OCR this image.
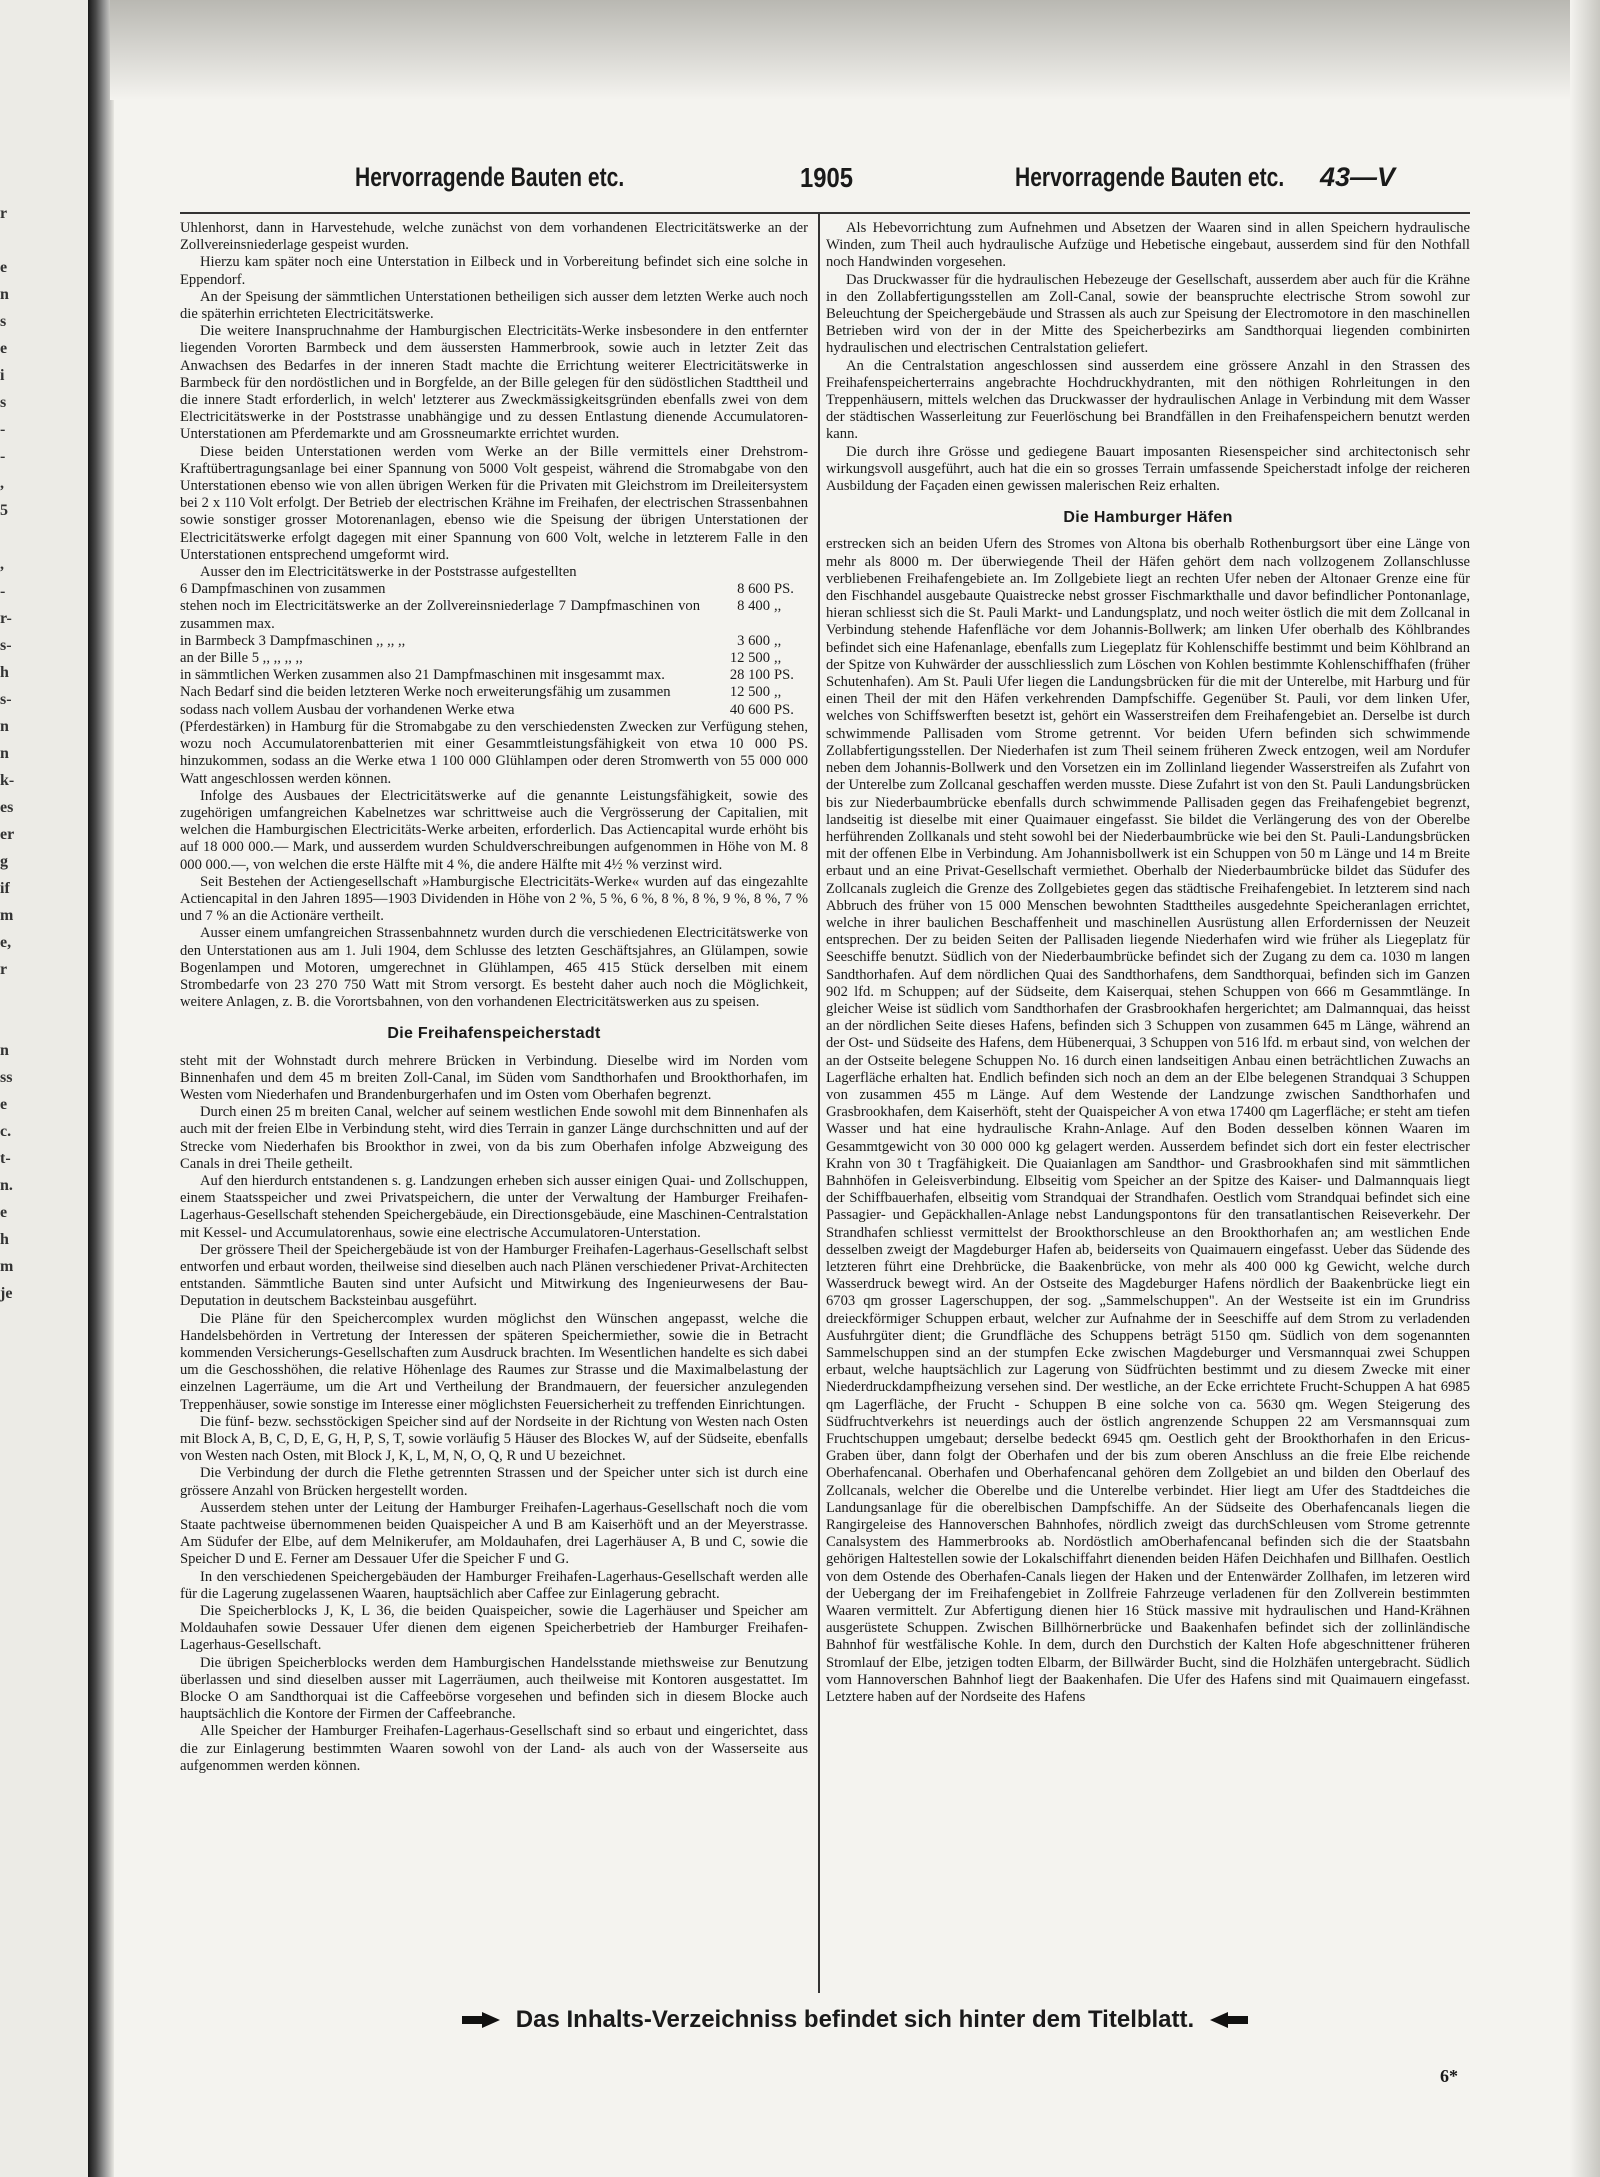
r

e
n
s
e
i
s
-
-
,
5

,
-
r-
s-
h
s-
n
n
k-
es
er
g
if
m
e,
r

n
ss
e
c.
t-
n.
e
h
m
je
Hervorragende Bauten etc.	1905	Hervorragende Bauten etc. 43—V

Uhlenhorst, dann in Harvestehude, welche zunächst von dem vorhandenen Electricitätswerke an der Zollvereinsniederlage gespeist wurden.

Hierzu kam später noch eine Unterstation in Eilbeck und in Vorbereitung befindet sich eine solche in Eppendorf.

An der Speisung der sämmtlichen Unterstationen betheiligen sich ausser dem letzten Werke auch noch die späterhin errichteten Electricitätswerke.

Die weitere Inanspruchnahme der Hamburgischen Electricitäts-Werke insbesondere in den entfernter liegenden Vororten Barmbeck und dem äussersten Hammerbrook, sowie auch in letzter Zeit das Anwachsen des Bedarfes in der inneren Stadt machte die Errichtung weiterer Electricitätswerke in Barmbeck für den nordöstlichen und in Borgfelde, an der Bille gelegen für den südöstlichen Stadttheil und die innere Stadt erforderlich, in welch' letzterer aus Zweckmässigkeitsgründen ebenfalls zwei von dem Electricitätswerke in der Poststrasse unabhängige und zu dessen Entlastung dienende Accumulatoren-Unterstationen am Pferdemarkte und am Grossneumarkte errichtet wurden.

Diese beiden Unterstationen werden vom Werke an der Bille vermittels einer Drehstrom-Kraftübertragungsanlage bei einer Spannung von 5000 Volt gespeist, während die Stromabgabe von den Unterstationen ebenso wie von allen übrigen Werken für die Privaten mit Gleichstrom im Dreileitersystem bei 2 x 110 Volt erfolgt. Der Betrieb der electrischen Krähne im Freihafen, der electrischen Strassenbahnen sowie sonstiger grosser Motorenanlagen, ebenso wie die Speisung der übrigen Unterstationen der Electricitätswerke erfolgt dagegen mit einer Spannung von 600 Volt, welche in letzterem Falle in den Unterstationen entsprechend umgeformt wird.

Ausser den im Electricitätswerke in der Poststrasse aufgestellten

6 Dampfmaschinen von zusammen	8 600	PS.
stehen noch im Electricitätswerke an der Zollvereinsniederlage 7 Dampfmaschinen von zusammen max.	8 400	,,
in Barmbeck 3 Dampfmaschinen ,, ,, ,,	3 600	,,
an der Bille 5 ,, ,, ,, ,,	12 500	,,
in sämmtlichen Werken zusammen also 21 Dampfmaschinen mit insgesammt max.	28 100	PS.
Nach Bedarf sind die beiden letzteren Werke noch erweiterungsfähig um zusammen	12 500	,,
sodass nach vollem Ausbau der vorhandenen Werke etwa	40 600	PS.

(Pferdestärken) in Hamburg für die Stromabgabe zu den verschiedensten Zwecken zur Verfügung stehen, wozu noch Accumulatorenbatterien mit einer Gesammtleistungsfähigkeit von etwa 10 000 PS. hinzukommen, sodass an die Werke etwa 1 100 000 Glühlampen oder deren Stromwerth von 55 000 000 Watt angeschlossen werden können.

Infolge des Ausbaues der Electricitätswerke auf die genannte Leistungsfähigkeit, sowie des zugehörigen umfangreichen Kabelnetzes war schrittweise auch die Vergrösserung der Capitalien, mit welchen die Hamburgischen Electricitäts-Werke arbeiten, erforderlich. Das Actiencapital wurde erhöht bis auf 18 000 000.— Mark, und ausserdem wurden Schuldverschreibungen aufgenommen in Höhe von M. 8 000 000.—, von welchen die erste Hälfte mit 4 %, die andere Hälfte mit 4½ % verzinst wird.

Seit Bestehen der Actiengesellschaft »Hamburgische Electricitäts-Werke« wurden auf das eingezahlte Actiencapital in den Jahren 1895—1903 Dividenden in Höhe von 2 %, 5 %, 6 %, 8 %, 8 %, 9 %, 8 %, 7 % und 7 % an die Actionäre vertheilt.

Ausser einem umfangreichen Strassenbahnnetz wurden durch die verschiedenen Electricitätswerke von den Unterstationen aus am 1. Juli 1904, dem Schlusse des letzten Geschäftsjahres, an Glülampen, sowie Bogenlampen und Motoren, umgerechnet in Glühlampen, 465 415 Stück derselben mit einem Strombedarfe von 23 270 750 Watt mit Strom versorgt. Es besteht daher auch noch die Möglichkeit, weitere Anlagen, z. B. die Vorortsbahnen, von den vorhandenen Electricitätswerken aus zu speisen.

Die Freihafenspeicherstadt

steht mit der Wohnstadt durch mehrere Brücken in Verbindung. Dieselbe wird im Norden vom Binnenhafen und dem 45 m breiten Zoll-Canal, im Süden vom Sandthorhafen und Brookthorhafen, im Westen vom Niederhafen und Brandenburgerhafen und im Osten vom Oberhafen begrenzt.

Durch einen 25 m breiten Canal, welcher auf seinem westlichen Ende sowohl mit dem Binnenhafen als auch mit der freien Elbe in Verbindung steht, wird dies Terrain in ganzer Länge durchschnitten und auf der Strecke vom Niederhafen bis Brookthor in zwei, von da bis zum Oberhafen infolge Abzweigung des Canals in drei Theile getheilt.

Auf den hierdurch entstandenen s. g. Landzungen erheben sich ausser einigen Quai- und Zollschuppen, einem Staatsspeicher und zwei Privatspeichern, die unter der Verwaltung der Hamburger Freihafen-Lagerhaus-Gesellschaft stehenden Speichergebäude, ein Directionsgebäude, eine Maschinen-Centralstation mit Kessel- und Accumulatorenhaus, sowie eine electrische Accumulatoren-Unterstation.

Der grössere Theil der Speichergebäude ist von der Hamburger Freihafen-Lagerhaus-Gesellschaft selbst entworfen und erbaut worden, theilweise sind dieselben auch nach Plänen verschiedener Privat-Architecten entstanden. Sämmtliche Bauten sind unter Aufsicht und Mitwirkung des Ingenieurwesens der Bau-Deputation in deutschem Backsteinbau ausgeführt.

Die Pläne für den Speichercomplex wurden möglichst den Wünschen angepasst, welche die Handelsbehörden in Vertretung der Interessen der späteren Speichermiether, sowie die in Betracht kommenden Versicherungs-Gesellschaften zum Ausdruck brachten. Im Wesentlichen handelte es sich dabei um die Geschosshöhen, die relative Höhenlage des Raumes zur Strasse und die Maximalbelastung der einzelnen Lagerräume, um die Art und Vertheilung der Brandmauern, der feuersicher anzulegenden Treppenhäuser, sowie sonstige im Interesse einer möglichsten Feuersicherheit zu treffenden Einrichtungen.

Die fünf- bezw. sechsstöckigen Speicher sind auf der Nordseite in der Richtung von Westen nach Osten mit Block A, B, C, D, E, G, H, P, S, T, sowie vorläufig 5 Häuser des Blockes W, auf der Südseite, ebenfalls von Westen nach Osten, mit Block J, K, L, M, N, O, Q, R und U bezeichnet.

Die Verbindung der durch die Flethe getrennten Strassen und der Speicher unter sich ist durch eine grössere Anzahl von Brücken hergestellt worden.

Ausserdem stehen unter der Leitung der Hamburger Freihafen-Lagerhaus-Gesellschaft noch die vom Staate pachtweise übernommenen beiden Quaispeicher A und B am Kaiserhöft und an der Meyerstrasse. Am Südufer der Elbe, auf dem Melnikerufer, am Moldauhafen, drei Lagerhäuser A, B und C, sowie die Speicher D und E. Ferner am Dessauer Ufer die Speicher F und G.

In den verschiedenen Speichergebäuden der Hamburger Freihafen-Lagerhaus-Gesellschaft werden alle für die Lagerung zugelassenen Waaren, hauptsächlich aber Caffee zur Einlagerung gebracht.

Die Speicherblocks J, K, L 36, die beiden Quaispeicher, sowie die Lagerhäuser und Speicher am Moldauhafen sowie Dessauer Ufer dienen dem eigenen Speicherbetrieb der Hamburger Freihafen-Lagerhaus-Gesellschaft.

Die übrigen Speicherblocks werden dem Hamburgischen Handelsstande miethsweise zur Benutzung überlassen und sind dieselben ausser mit Lagerräumen, auch theilweise mit Kontoren ausgestattet. Im Blocke O am Sandthorquai ist die Caffeebörse vorgesehen und befinden sich in diesem Blocke auch hauptsächlich die Kontore der Firmen der Caffeebranche.

Alle Speicher der Hamburger Freihafen-Lagerhaus-Gesellschaft sind so erbaut und eingerichtet, dass die zur Einlagerung bestimmten Waaren sowohl von der Land- als auch von der Wasserseite aus aufgenommen werden können.

Als Hebevorrichtung zum Aufnehmen und Absetzen der Waaren sind in allen Speichern hydraulische Winden, zum Theil auch hydraulische Aufzüge und Hebetische eingebaut, ausserdem sind für den Nothfall noch Handwinden vorgesehen.

Das Druckwasser für die hydraulischen Hebezeuge der Gesellschaft, ausserdem aber auch für die Krähne in den Zollabfertigungsstellen am Zoll-Canal, sowie der beanspruchte electrische Strom sowohl zur Beleuchtung der Speichergebäude und Strassen als auch zur Speisung der Electromotore in den maschinellen Betrieben wird von der in der Mitte des Speicherbezirks am Sandthorquai liegenden combinirten hydraulischen und electrischen Centralstation geliefert.

An die Centralstation angeschlossen sind ausserdem eine grössere Anzahl in den Strassen des Freihafenspeicherterrains angebrachte Hochdruckhydranten, mit den nöthigen Rohrleitungen in den Treppenhäusern, mittels welchen das Druckwasser der hydraulischen Anlage in Verbindung mit dem Wasser der städtischen Wasserleitung zur Feuerlöschung bei Brandfällen in den Freihafenspeichern benutzt werden kann.

Die durch ihre Grösse und gediegene Bauart imposanten Riesenspeicher sind architectonisch sehr wirkungsvoll ausgeführt, auch hat die ein so grosses Terrain umfassende Speicherstadt infolge der reicheren Ausbildung der Façaden einen gewissen malerischen Reiz erhalten.

Die Hamburger Häfen

erstrecken sich an beiden Ufern des Stromes von Altona bis oberhalb Rothenburgsort über eine Länge von mehr als 8000 m. Der überwiegende Theil der Häfen gehört dem nach vollzogenem Zollanschlusse verbliebenen Freihafengebiete an. Im Zollgebiete liegt an rechten Ufer neben der Altonaer Grenze eine für den Fischhandel ausgebaute Quaistrecke nebst grosser Fischmarkthalle und davor befindlicher Pontonanlage, hieran schliesst sich die St. Pauli Markt- und Landungsplatz, und noch weiter östlich die mit dem Zollcanal in Verbindung stehende Hafenfläche vor dem Johannis-Bollwerk; am linken Ufer oberhalb des Köhlbrandes befindet sich eine Hafenanlage, ebenfalls zum Liegeplatz für Kohlenschiffe bestimmt und beim Köhlbrand an der Spitze von Kuhwärder der ausschliesslich zum Löschen von Kohlen bestimmte Kohlenschiffhafen (früher Schutenhafen). Am St. Pauli Ufer liegen die Landungsbrücken für die mit der Unterelbe, mit Harburg und für einen Theil der mit den Häfen verkehrenden Dampfschiffe. Gegenüber St. Pauli, vor dem linken Ufer, welches von Schiffswerften besetzt ist, gehört ein Wasserstreifen dem Freihafengebiet an. Derselbe ist durch schwimmende Pallisaden vom Strome getrennt. Vor beiden Ufern befinden sich schwimmende Zollabfertigungsstellen. Der Niederhafen ist zum Theil seinem früheren Zweck entzogen, weil am Nordufer neben dem Johannis-Bollwerk und den Vorsetzen ein im Zollinland liegender Wasserstreifen als Zufahrt von der Unterelbe zum Zollcanal geschaffen werden musste. Diese Zufahrt ist von den St. Pauli Landungsbrücken bis zur Niederbaumbrücke ebenfalls durch schwimmende Pallisaden gegen das Freihafengebiet begrenzt, landseitig ist dieselbe mit einer Quaimauer eingefasst. Sie bildet die Verlängerung des von der Oberelbe herführenden Zollkanals und steht sowohl bei der Niederbaumbrücke wie bei den St. Pauli-Landungsbrücken mit der offenen Elbe in Verbindung. Am Johannisbollwerk ist ein Schuppen von 50 m Länge und 14 m Breite erbaut und an eine Privat-Gesellschaft vermiethet. Oberhalb der Niederbaumbrücke bildet das Südufer des Zollcanals zugleich die Grenze des Zollgebietes gegen das städtische Freihafengebiet. In letzterem sind nach Abbruch des früher von 15 000 Menschen bewohnten Stadttheiles ausgedehnte Speicheranlagen errichtet, welche in ihrer baulichen Beschaffenheit und maschinellen Ausrüstung allen Erfordernissen der Neuzeit entsprechen. Der zu beiden Seiten der Pallisaden liegende Niederhafen wird wie früher als Liegeplatz für Seeschiffe benutzt. Südlich von der Niederbaumbrücke befindet sich der Zugang zu dem ca. 1030 m langen Sandthorhafen. Auf dem nördlichen Quai des Sandthorhafens, dem Sandthorquai, befinden sich im Ganzen 902 lfd. m Schuppen; auf der Südseite, dem Kaiserquai, stehen Schuppen von 666 m Gesammtlänge. In gleicher Weise ist südlich vom Sandthorhafen der Grasbrookhafen hergerichtet; am Dalmannquai, das heisst an der nördlichen Seite dieses Hafens, befinden sich 3 Schuppen von zusammen 645 m Länge, während an der Ost- und Südseite des Hafens, dem Hübenerquai, 3 Schuppen von 516 lfd. m erbaut sind, von welchen der an der Ostseite belegene Schuppen No. 16 durch einen landseitigen Anbau einen beträchtlichen Zuwachs an Lagerfläche erhalten hat. Endlich befinden sich noch an dem an der Elbe belegenen Strandquai 3 Schuppen von zusammen 455 m Länge. Auf dem Westende der Landzunge zwischen Sandthorhafen und Grasbrookhafen, dem Kaiserhöft, steht der Quaispeicher A von etwa 17400 qm Lagerfläche; er steht am tiefen Wasser und hat eine hydraulische Krahn-Anlage. Auf den Boden desselben können Waaren im Gesammtgewicht von 30 000 000 kg gelagert werden. Ausserdem befindet sich dort ein fester electrischer Krahn von 30 t Tragfähigkeit. Die Quaianlagen am Sandthor- und Grasbrookhafen sind mit sämmtlichen Bahnhöfen in Geleisverbindung. Elbseitig vom Speicher an der Spitze des Kaiser- und Dalmannquais liegt der Schiffbauerhafen, elbseitig vom Strandquai der Strandhafen. Oestlich vom Strandquai befindet sich eine Passagier- und Gepäckhallen-Anlage nebst Landungspontons für den transatlantischen Reiseverkehr. Der Strandhafen schliesst vermittelst der Brookthorschleuse an den Brookthorhafen an; am westlichen Ende desselben zweigt der Magdeburger Hafen ab, beiderseits von Quaimauern eingefasst. Ueber das Südende des letzteren führt eine Drehbrücke, die Baakenbrücke, von mehr als 400 000 kg Gewicht, welche durch Wasserdruck bewegt wird. An der Ostseite des Magdeburger Hafens nördlich der Baakenbrücke liegt ein 6703 qm grosser Lagerschuppen, der sog. „Sammelschuppen". An der Westseite ist ein im Grundriss dreieckförmiger Schuppen erbaut, welcher zur Aufnahme der in Seeschiffe auf dem Strom zu verladenden Ausfuhrgüter dient; die Grundfläche des Schuppens beträgt 5150 qm. Südlich von dem sogenannten Sammelschuppen sind an der stumpfen Ecke zwischen Magdeburger und Versmannquai zwei Schuppen erbaut, welche hauptsächlich zur Lagerung von Südfrüchten bestimmt und zu diesem Zwecke mit einer Niederdruckdampfheizung versehen sind. Der westliche, an der Ecke errichtete Frucht-Schuppen A hat 6985 qm Lagerfläche, der Frucht - Schuppen B eine solche von ca. 5630 qm. Wegen Steigerung des Südfruchtverkehrs ist neuerdings auch der östlich angrenzende Schuppen 22 am Versmannsquai zum Fruchtschuppen umgebaut; derselbe bedeckt 6945 qm. Oestlich geht der Brookthorhafen in den Ericus-Graben über, dann folgt der Oberhafen und der bis zum oberen Anschluss an die freie Elbe reichende Oberhafencanal. Oberhafen und Oberhafencanal gehören dem Zollgebiet an und bilden den Oberlauf des Zollcanals, welcher die Oberelbe und die Unterelbe verbindet. Hier liegt am Ufer des Stadtdeiches die Landungsanlage für die oberelbischen Dampfschiffe. An der Südseite des Oberhafencanals liegen die Rangirgeleise des Hannoverschen Bahnhofes, nördlich zweigt das durchSchleusen vom Strome getrennte Canalsystem des Hammerbrooks ab. Nordöstlich amOberhafencanal befinden sich die der Staatsbahn gehörigen Haltestellen sowie der Lokalschiffahrt dienenden beiden Häfen Deichhafen und Billhafen. Oestlich von dem Ostende des Oberhafen-Canals liegen der Haken und der Entenwärder Zollhafen, im letzeren wird der Uebergang der im Freihafengebiet in Zollfreie Fahrzeuge verladenen für den Zollverein bestimmten Waaren vermittelt. Zur Abfertigung dienen hier 16 Stück massive mit hydraulischen und Hand-Krähnen ausgerüstete Schuppen. Zwischen Billhörnerbrücke und Baakenhafen befindet sich der zollinländische Bahnhof für westfälische Kohle. In dem, durch den Durchstich der Kalten Hofe abgeschnittener früheren Stromlauf der Elbe, jetzigen todten Elbarm, der Billwärder Bucht, sind die Holzhäfen untergebracht. Südlich vom Hannoverschen Bahnhof liegt der Baakenhafen. Die Ufer des Hafens sind mit Quaimauern eingefasst. Letztere haben auf der Nordseite des Hafens

Das Inhalts-Verzeichniss befindet sich hinter dem Titelblatt.
6*
